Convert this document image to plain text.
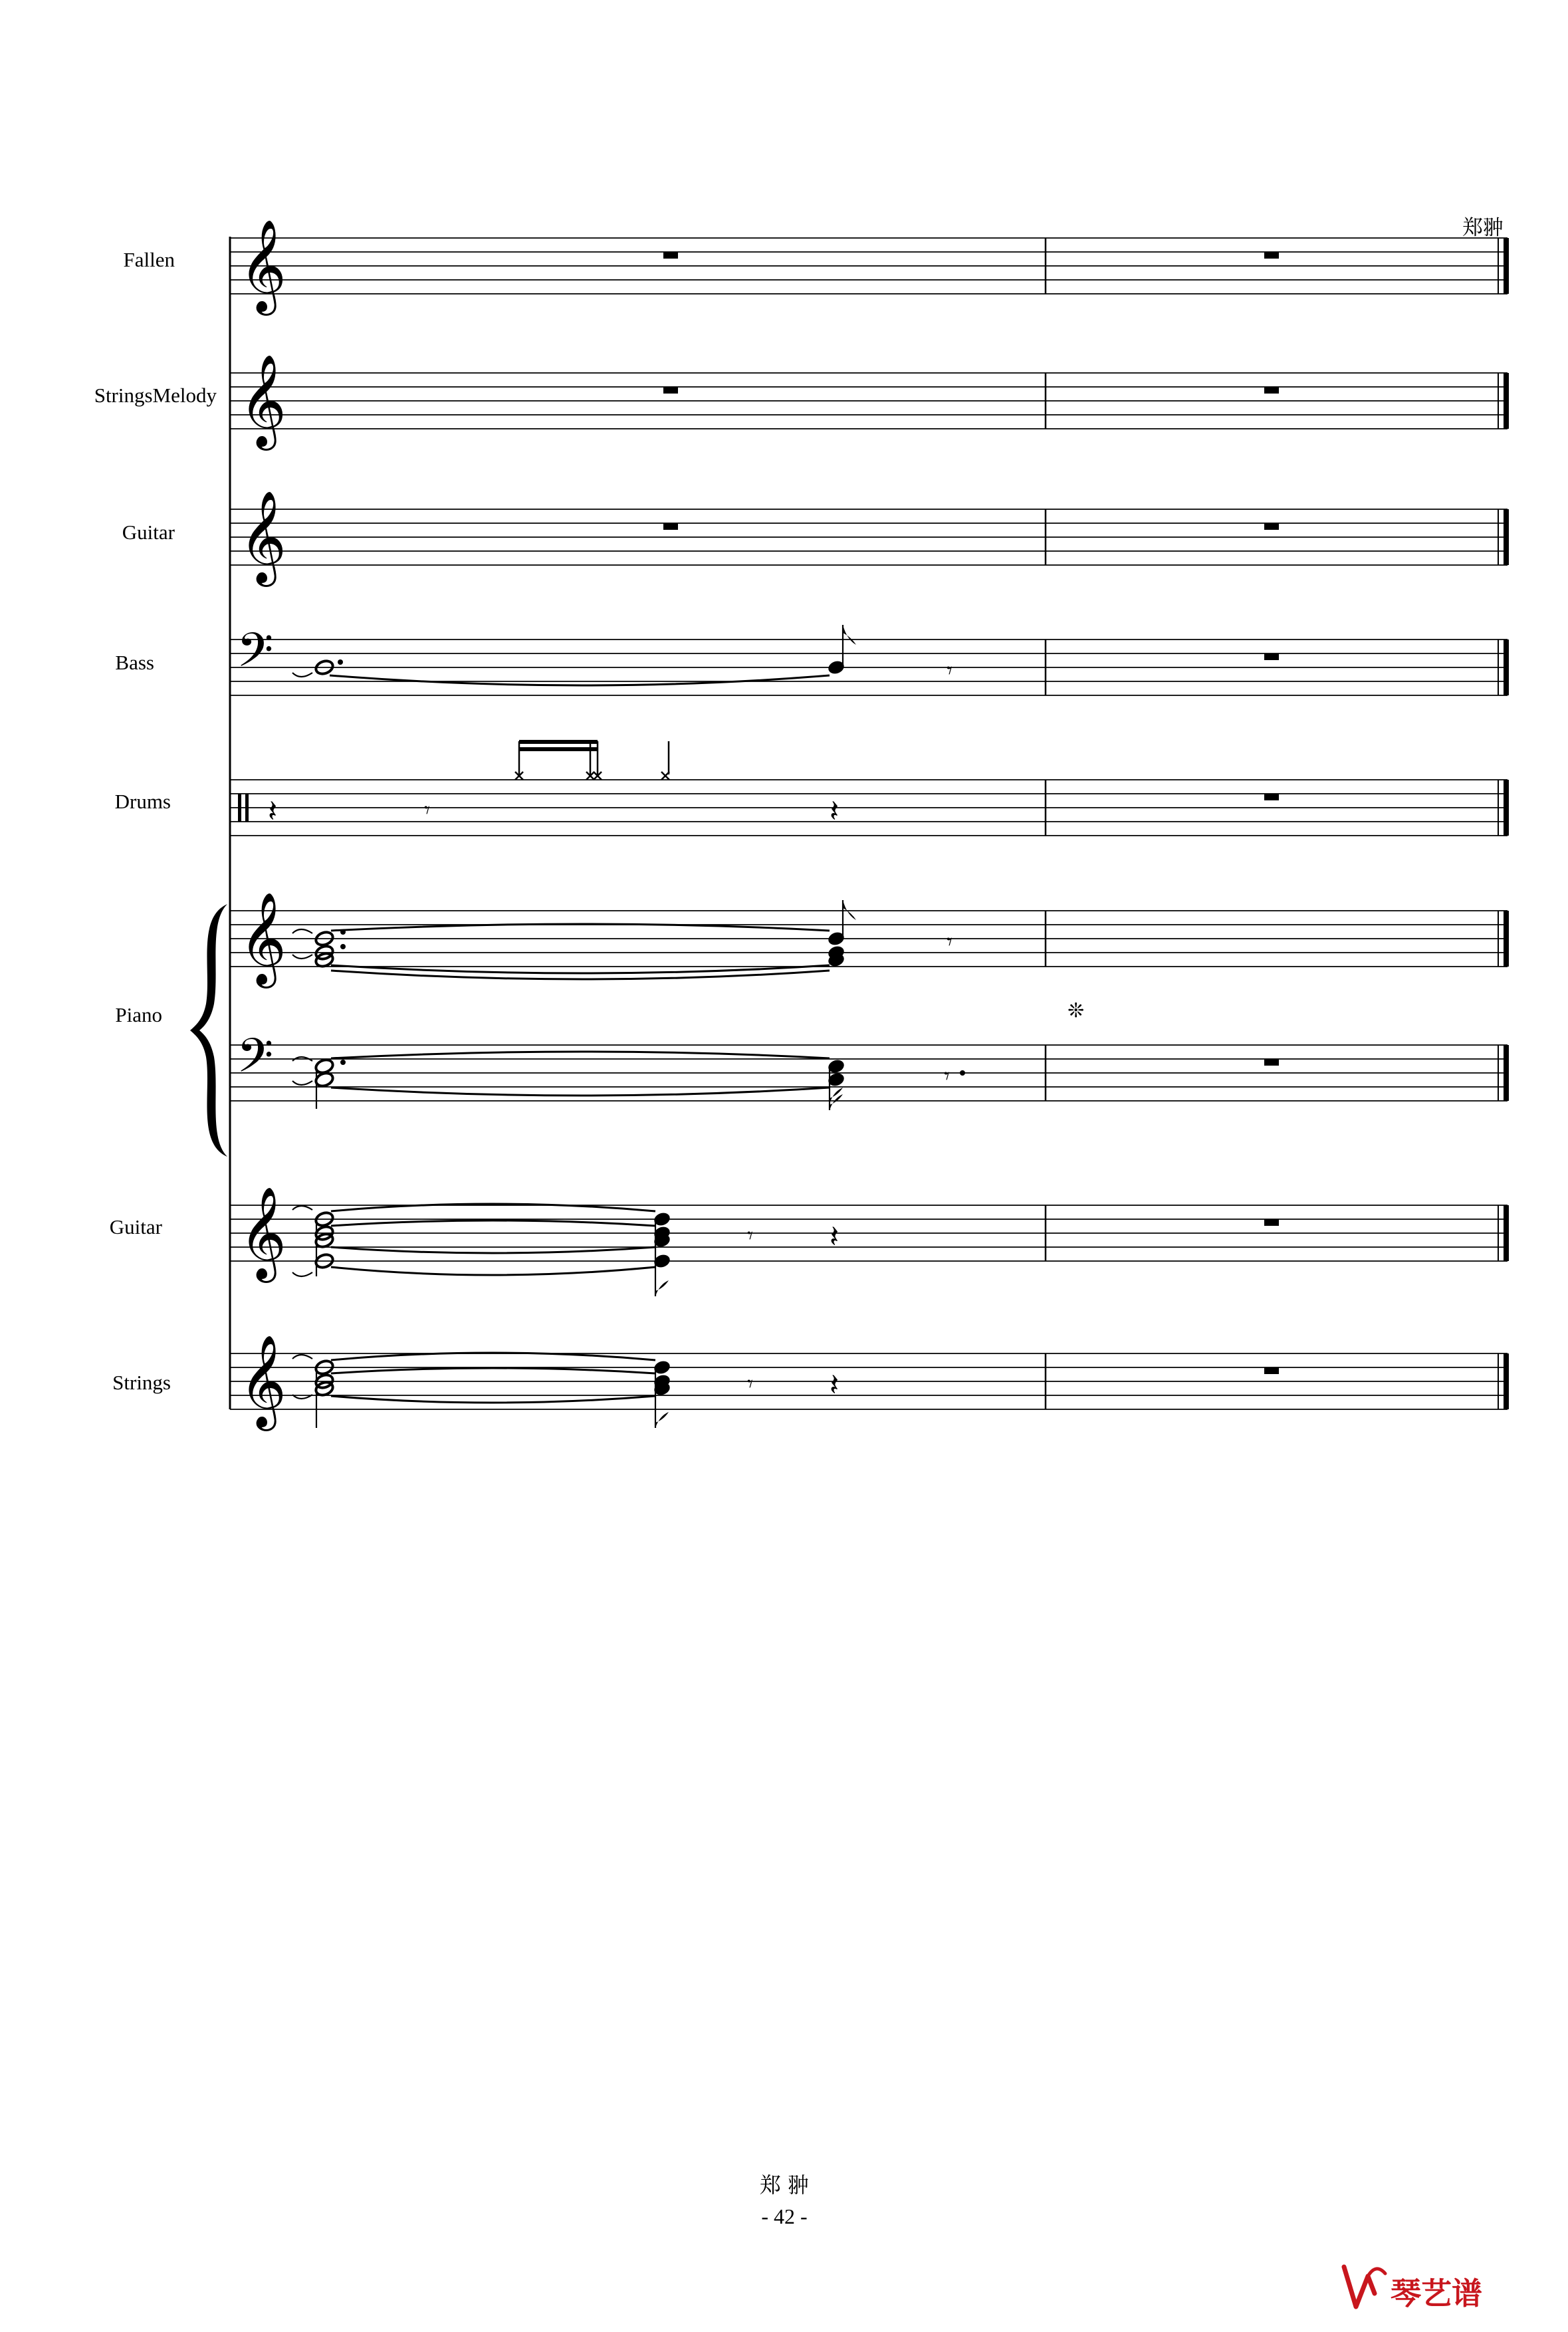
郑翀
Fallen 𝄞
StringsMelody 𝄞
Guitar 𝄞
Bass 𝄢	𝄾
Drums	𝄽	𝄾	𝄽
Piano
𝄞	𝄾
❊
𝄢	𝄾
Guitar 𝄞	𝄾 𝄽
Strings 𝄞	𝄾 𝄽
郑 翀
- 42 -
琴艺谱
